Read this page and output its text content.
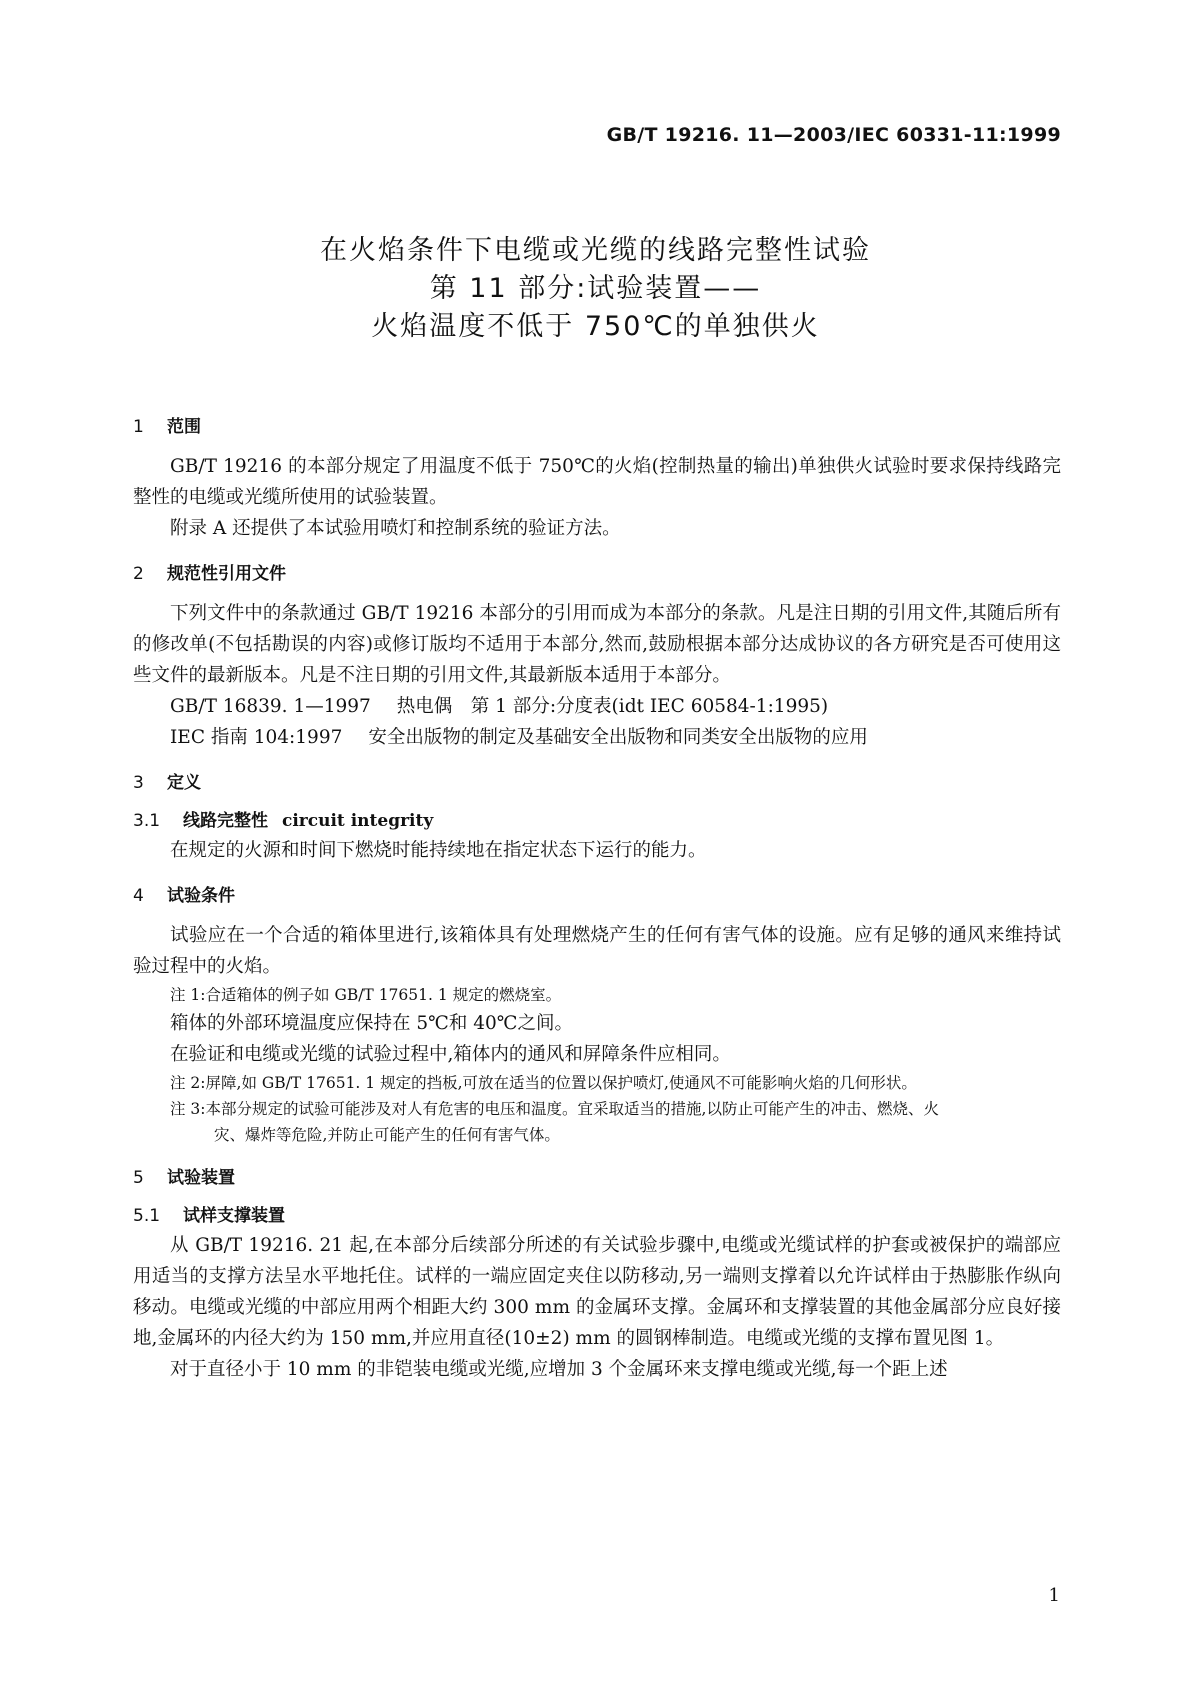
GB/T 19216. 11—2003/IEC 60331-11:1999
在火焰条件下电缆或光缆的线路完整性试验
第 11 部分:试验装置——
火焰温度不低于 750℃的单独供火
1 范围

GB/T 19216 的本部分规定了用温度不低于 750℃的火焰(控制热量的输出)单独供火试验时要求保持线路完整性的电缆或光缆所使用的试验装置。

附录 A 还提供了本试验用喷灯和控制系统的验证方法。

2 规范性引用文件

下列文件中的条款通过 GB/T 19216 本部分的引用而成为本部分的条款。凡是注日期的引用文件,其随后所有的修改单(不包括勘误的内容)或修订版均不适用于本部分,然而,鼓励根据本部分达成协议的各方研究是否可使用这些文件的最新版本。凡是不注日期的引用文件,其最新版本适用于本部分。

GB/T 16839. 1—1997 热电偶　第 1 部分:分度表(idt IEC 60584-1:1995)

IEC 指南 104:1997 安全出版物的制定及基础安全出版物和同类安全出版物的应用

3 定义
3.1 线路完整性 circuit integrity

在规定的火源和时间下燃烧时能持续地在指定状态下运行的能力。

4 试验条件

试验应在一个合适的箱体里进行,该箱体具有处理燃烧产生的任何有害气体的设施。应有足够的通风来维持试验过程中的火焰。

注 1:合适箱体的例子如 GB/T 17651. 1 规定的燃烧室。

箱体的外部环境温度应保持在 5℃和 40℃之间。

在验证和电缆或光缆的试验过程中,箱体内的通风和屏障条件应相同。

注 2:屏障,如 GB/T 17651. 1 规定的挡板,可放在适当的位置以保护喷灯,使通风不可能影响火焰的几何形状。

注 3:本部分规定的试验可能涉及对人有危害的电压和温度。宜采取适当的措施,以防止可能产生的冲击、燃烧、火

灾、爆炸等危险,并防止可能产生的任何有害气体。

5 试验装置
5.1 试样支撑装置

从 GB/T 19216. 21 起,在本部分后续部分所述的有关试验步骤中,电缆或光缆试样的护套或被保护的端部应用适当的支撑方法呈水平地托住。试样的一端应固定夹住以防移动,另一端则支撑着以允许试样由于热膨胀作纵向移动。电缆或光缆的中部应用两个相距大约 300 mm 的金属环支撑。金属环和支撑装置的其他金属部分应良好接地,金属环的内径大约为 150 mm,并应用直径(10±2) mm 的圆钢棒制造。电缆或光缆的支撑布置见图 1。

对于直径小于 10 mm 的非铠装电缆或光缆,应增加 3 个金属环来支撑电缆或光缆,每一个距上述

1
